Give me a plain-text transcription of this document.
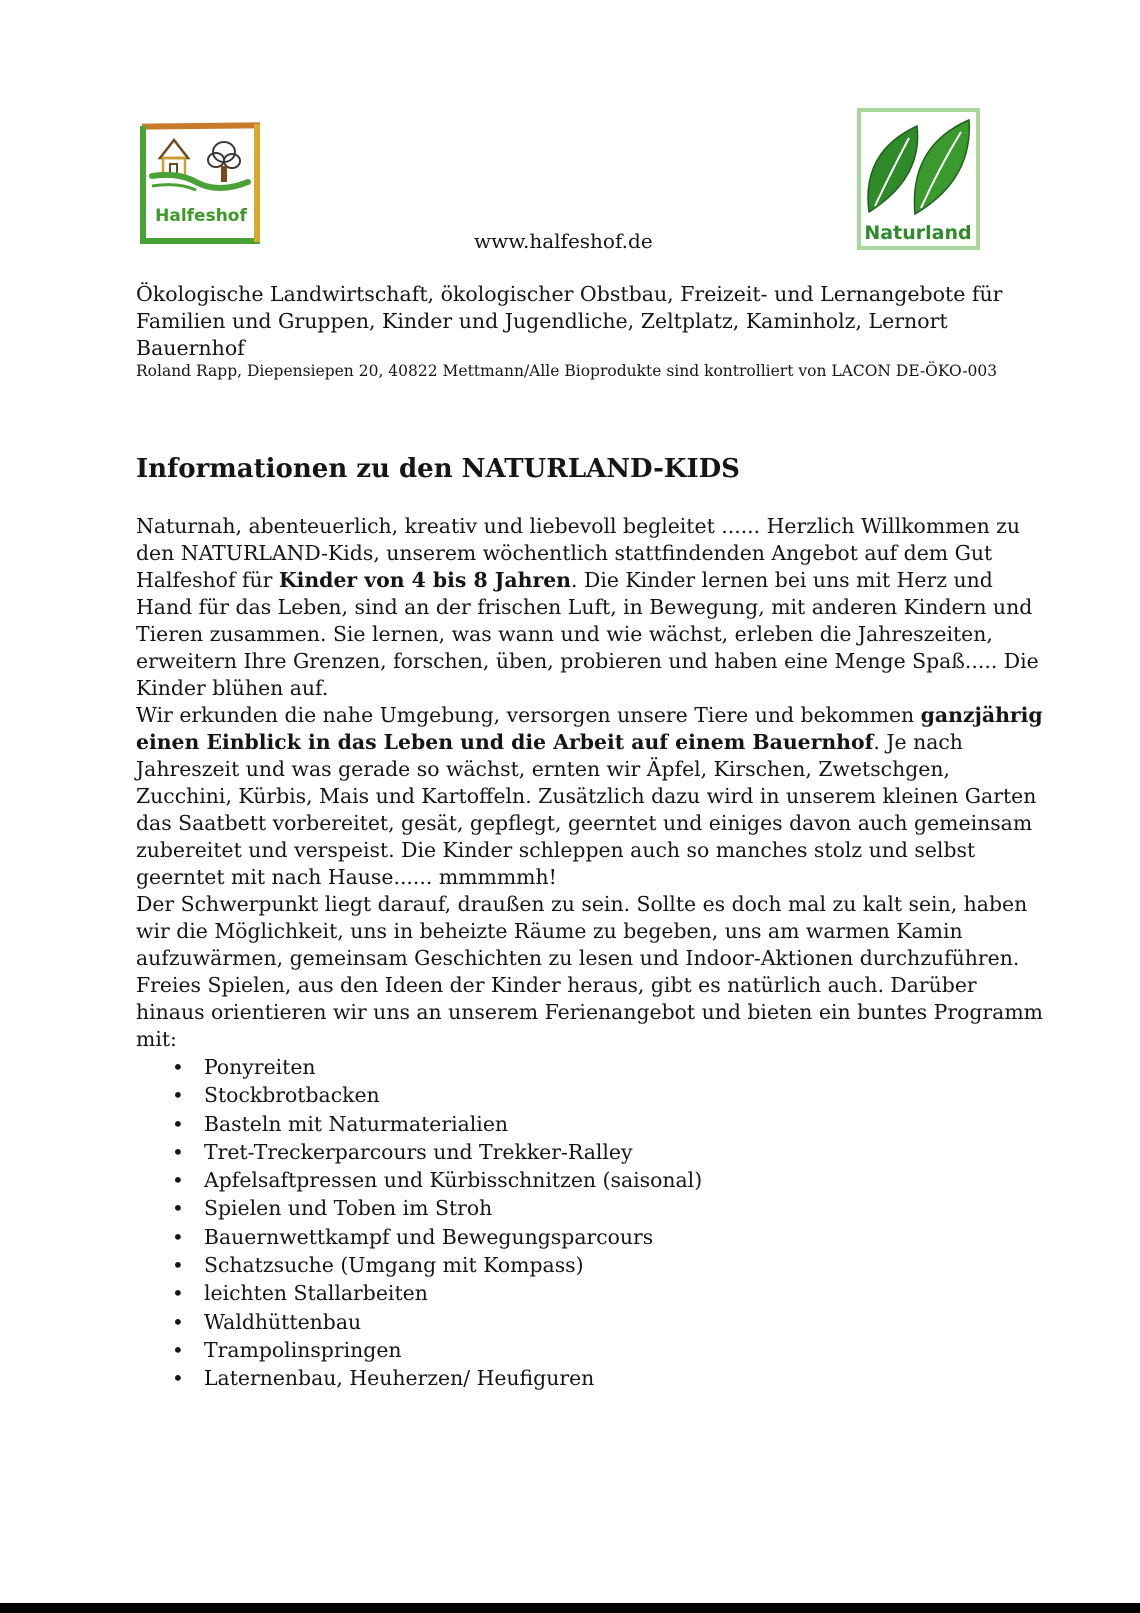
Halfeshof
Naturland
www.halfeshof.de
Ökologische Landwirtschaft, ökologischer Obstbau, Freizeit- und Lernangebote für Familien und Gruppen, Kinder und Jugendliche, Zeltplatz, Kaminholz, Lernort Bauernhof
Roland Rapp, Diepensiepen 20, 40822 Mettmann/Alle Bioprodukte sind kontrolliert von LACON DE-ÖKO-003
Informationen zu den NATURLAND-KIDS

Naturnah, abenteuerlich, kreativ und liebevoll begleitet ...... Herzlich Willkommen zu den NATURLAND-Kids, unserem wöchentlich stattfindenden Angebot auf dem Gut Halfeshof für Kinder von 4 bis 8 Jahren. Die Kinder lernen bei uns mit Herz und Hand für das Leben, sind an der frischen Luft, in Bewegung, mit anderen Kindern und Tieren zusammen. Sie lernen, was wann und wie wächst, erleben die Jahreszeiten, erweitern Ihre Grenzen, forschen, üben, probieren und haben eine Menge Spaß..... Die Kinder blühen auf.

Wir erkunden die nahe Umgebung, versorgen unsere Tiere und bekommen ganzjährig einen Einblick in das Leben und die Arbeit auf einem Bauernhof. Je nach Jahreszeit und was gerade so wächst, ernten wir Äpfel, Kirschen, Zwetschgen, Zucchini, Kürbis, Mais und Kartoffeln. Zusätzlich dazu wird in unserem kleinen Garten das Saatbett vorbereitet, gesät, gepflegt, geerntet und einiges davon auch gemeinsam zubereitet und verspeist. Die Kinder schleppen auch so manches stolz und selbst geerntet mit nach Hause...... mmmmmh!

Der Schwerpunkt liegt darauf, draußen zu sein. Sollte es doch mal zu kalt sein, haben wir die Möglichkeit, uns in beheizte Räume zu begeben, uns am warmen Kamin aufzuwärmen, gemeinsam Geschichten zu lesen und Indoor-Aktionen durchzuführen. Freies Spielen, aus den Ideen der Kinder heraus, gibt es natürlich auch. Darüber hinaus orientieren wir uns an unserem Ferienangebot und bieten ein buntes Programm mit:

• Ponyreiten
• Stockbrotbacken
• Basteln mit Naturmaterialien
• Tret-Treckerparcours und Trekker-Ralley
• Apfelsaftpressen und Kürbisschnitzen (saisonal)
• Spielen und Toben im Stroh
• Bauernwettkampf und Bewegungsparcours
• Schatzsuche (Umgang mit Kompass)
• leichten Stallarbeiten
• Waldhüttenbau
• Trampolinspringen
• Laternenbau, Heuherzen/ Heufiguren
